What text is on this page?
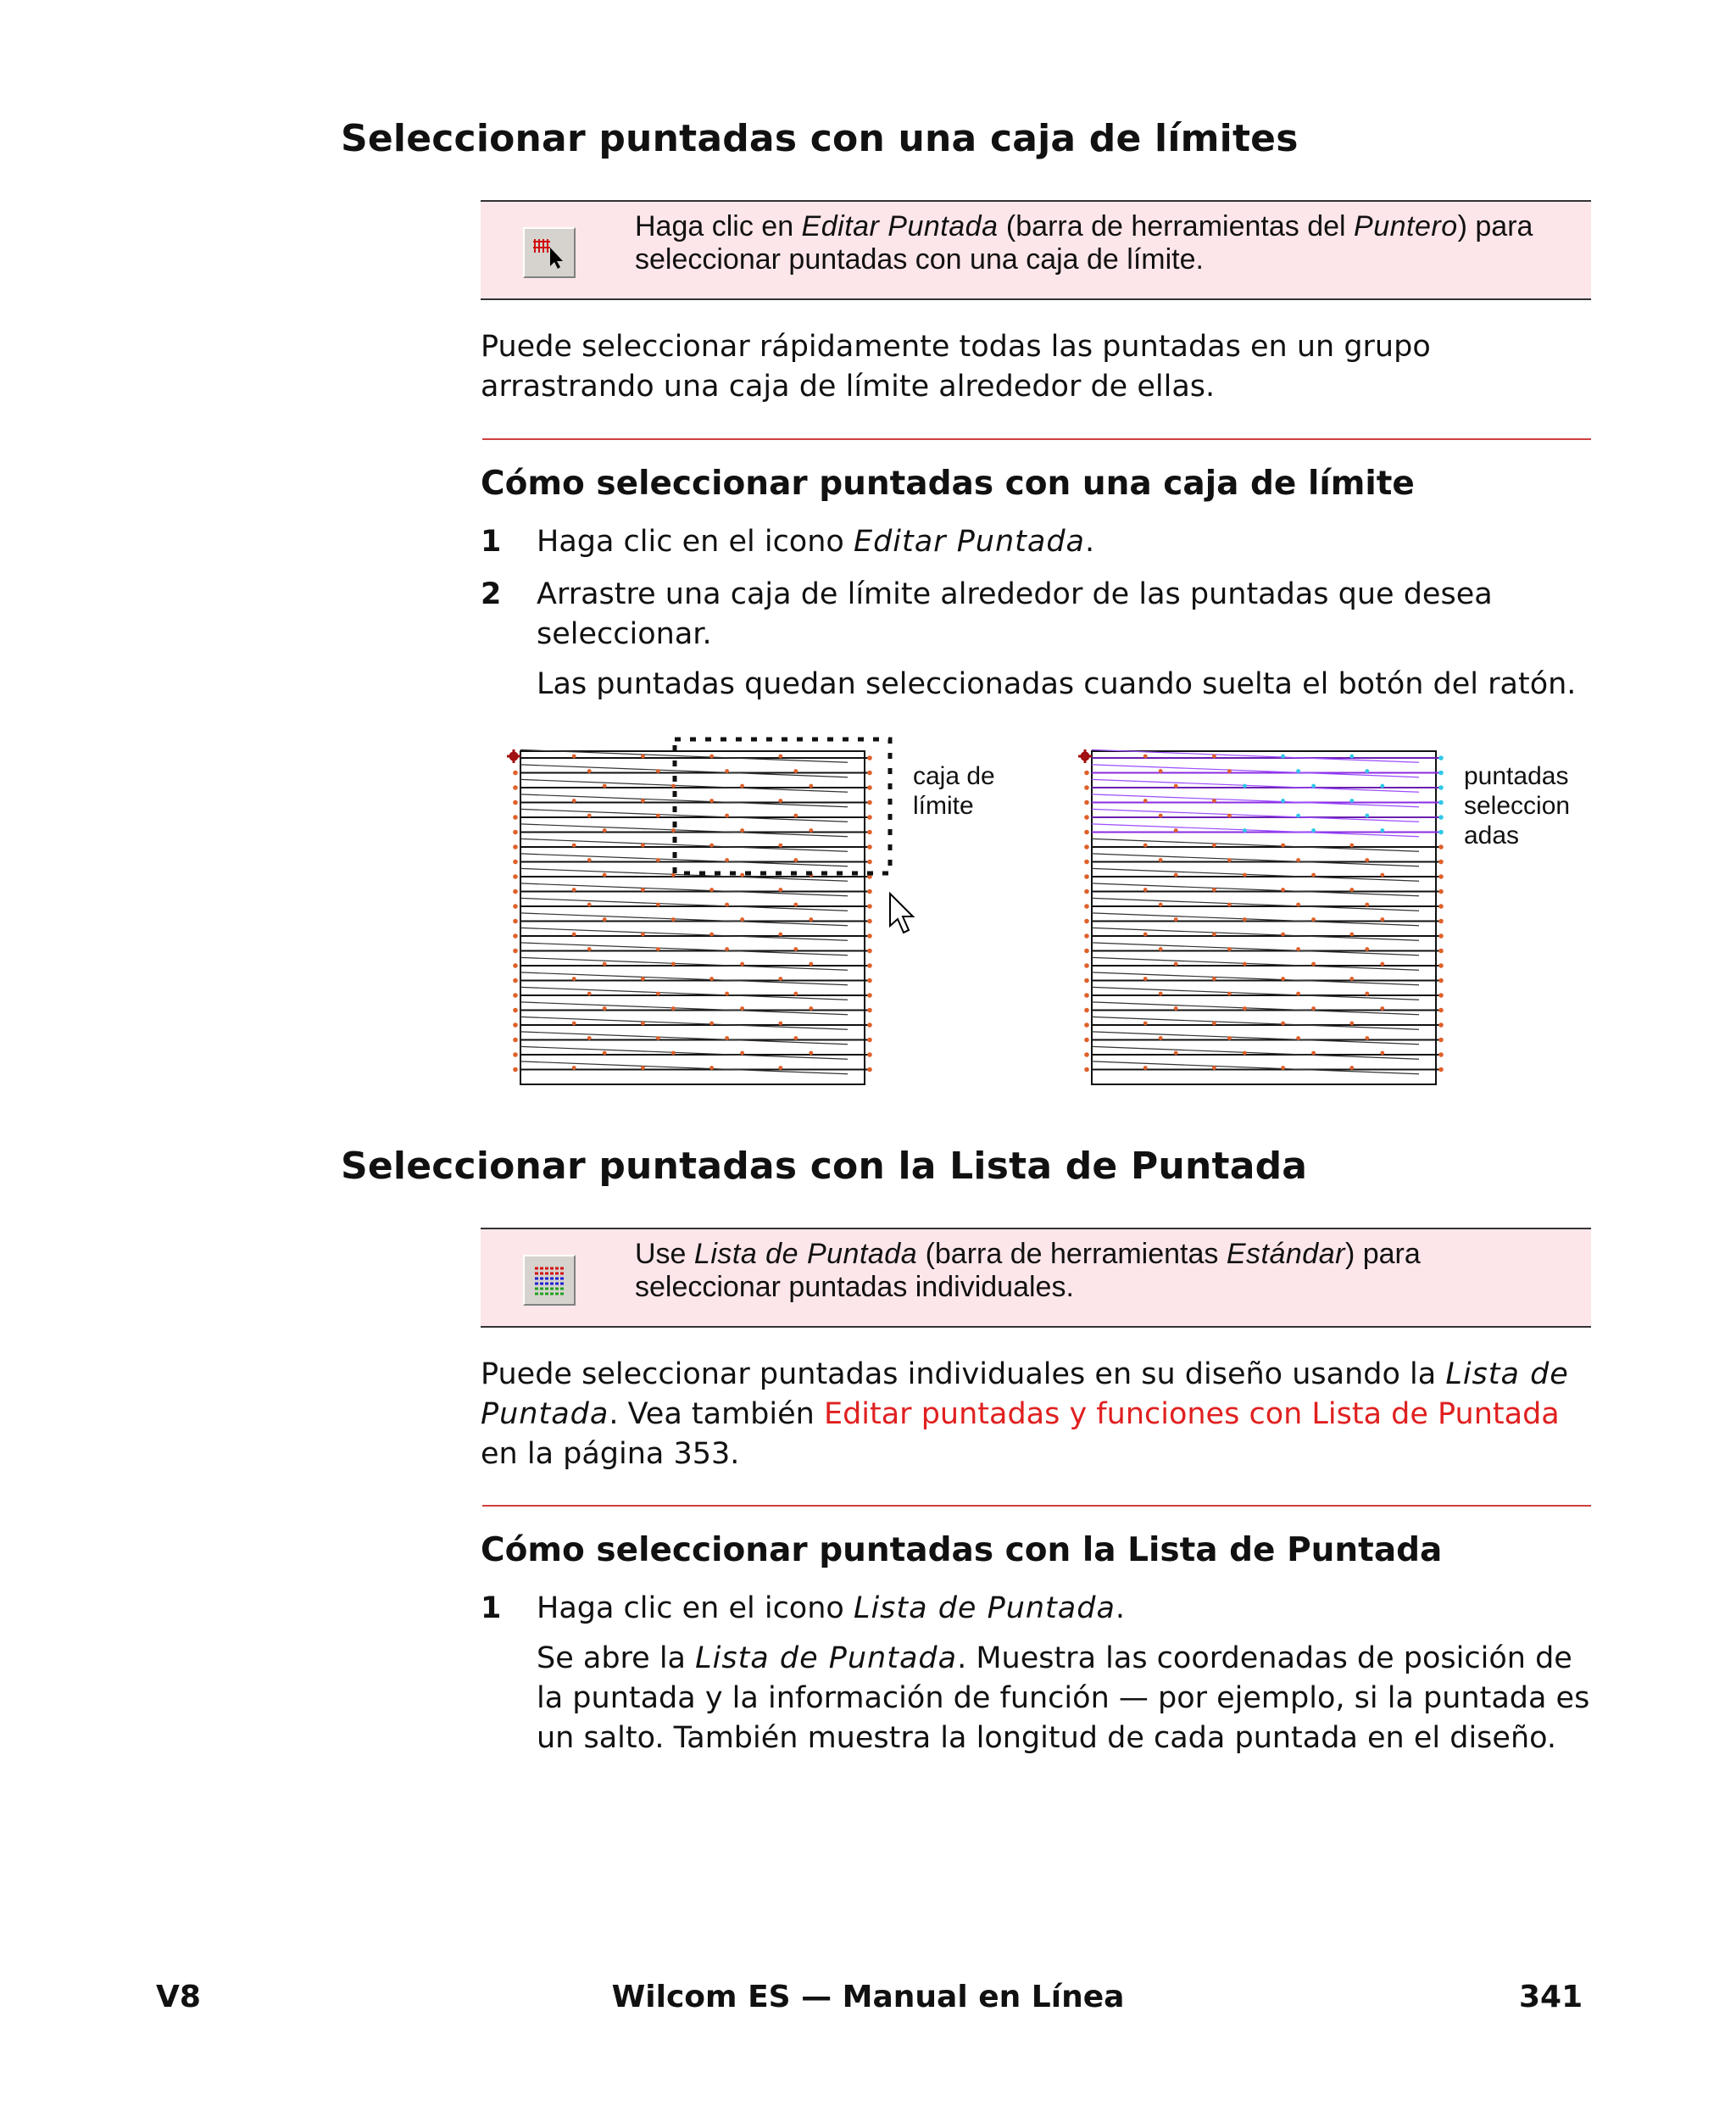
Seleccionar puntadas con una caja de límites
Haga clic en Editar Puntada (barra de herramientas del Puntero) para
seleccionar puntadas con una caja de límite.
Puede seleccionar rápidamente todas las puntadas en un grupo arrastrando una caja de límite alrededor de ellas.
Cómo seleccionar puntadas con una caja de límite
1 Haga clic en el icono Editar Puntada.
2 Arrastre una caja de límite alrededor de las puntadas que desea seleccionar.
Las puntadas quedan seleccionadas cuando suelta el botón del ratón.
caja de
límite
puntadas
seleccion
adas
Seleccionar puntadas con la Lista de Puntada
Use Lista de Puntada (barra de herramientas Estándar) para
seleccionar puntadas individuales.
Puede seleccionar puntadas individuales en su diseño usando la Lista de Puntada. Vea también Editar puntadas y funciones con Lista de Puntada en la página 353.
Cómo seleccionar puntadas con la Lista de Puntada
1 Haga clic en el icono Lista de Puntada.
Se abre la Lista de Puntada. Muestra las coordenadas de posición de la puntada y la información de función — por ejemplo, si la puntada es un salto. También muestra la longitud de cada puntada en el diseño.
V8	Wilcom ES — Manual en Línea	341
